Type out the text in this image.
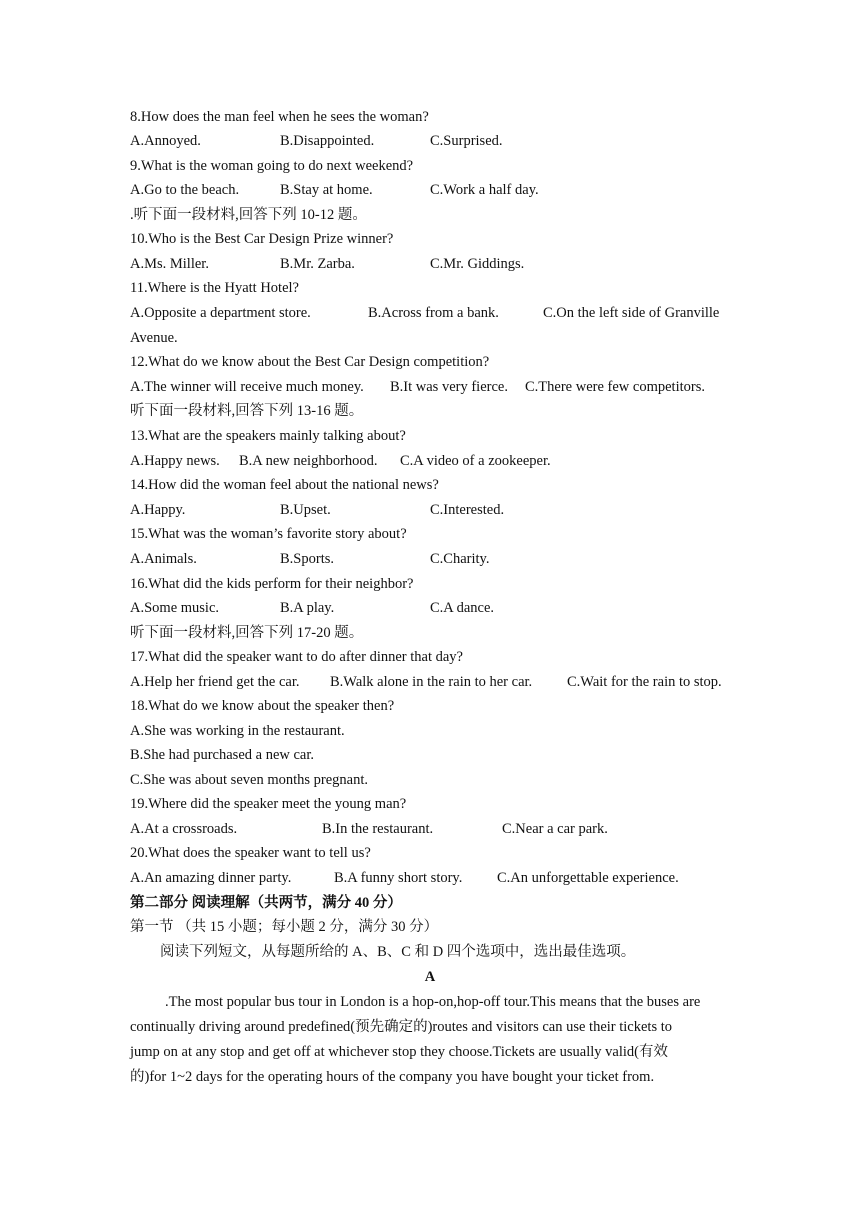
8.How does the man feel when he sees the woman?
A.Annoyed.	B.Disappointed.	C.Surprised.
9.What is the woman going to do next weekend?
A.Go to the beach.	B.Stay at home.	C.Work a half day.
.听下面一段材料,回答下列 10-12 题。
10.Who is the Best Car Design Prize winner?
A.Ms. Miller.	B.Mr. Zarba.	C.Mr. Giddings.
11.Where is the Hyatt Hotel?
A.Opposite a department store.	B.Across from a bank.	C.On the left side of Granville
Avenue.
12.What do we know about the Best Car Design competition?
A.The winner will receive much money. B.It was very fierce. C.There were few competitors.
听下面一段材料,回答下列 13-16 题。
13.What are the speakers mainly talking about?
A.Happy news. B.A new neighborhood. C.A video of a zookeeper.
14.How did the woman feel about the national news?
A.Happy.	B.Upset.	C.Interested.
15.What was the woman’s favorite story about?
A.Animals.	B.Sports.	C.Charity.
16.What did the kids perform for their neighbor?
A.Some music.	B.A play.	C.A dance.
听下面一段材料,回答下列 17-20 题。
17.What did the speaker want to do after dinner that day?
A.Help her friend get the car. B.Walk alone in the rain to her car. C.Wait for the rain to stop.
18.What do we know about the speaker then?
A.She was working in the restaurant.
B.She had purchased a new car.
C.She was about seven months pregnant.
19.Where did the speaker meet the young man?
A.At a crossroads.	B.In the restaurant.	C.Near a car park.
20.What does the speaker want to tell us?
A.An amazing dinner party.	B.A funny short story. C.An unforgettable experience.
第二部分 阅读理解（共两节，满分 40 分）
第一节 （共 15 小题；每小题 2 分，满分 30 分）
阅读下列短文，从每题所给的 A、B、C 和 D 四个选项中，选出最佳选项。
A
.The most popular bus tour in London is a hop-on,hop-off tour.This means that the buses are
continually driving around predefined(预先确定的)routes and visitors can use their tickets to
jump on at any stop and get off at whichever stop they choose.Tickets are usually valid(有效
的)for 1~2 days for the operating hours of the company you have bought your ticket from.
